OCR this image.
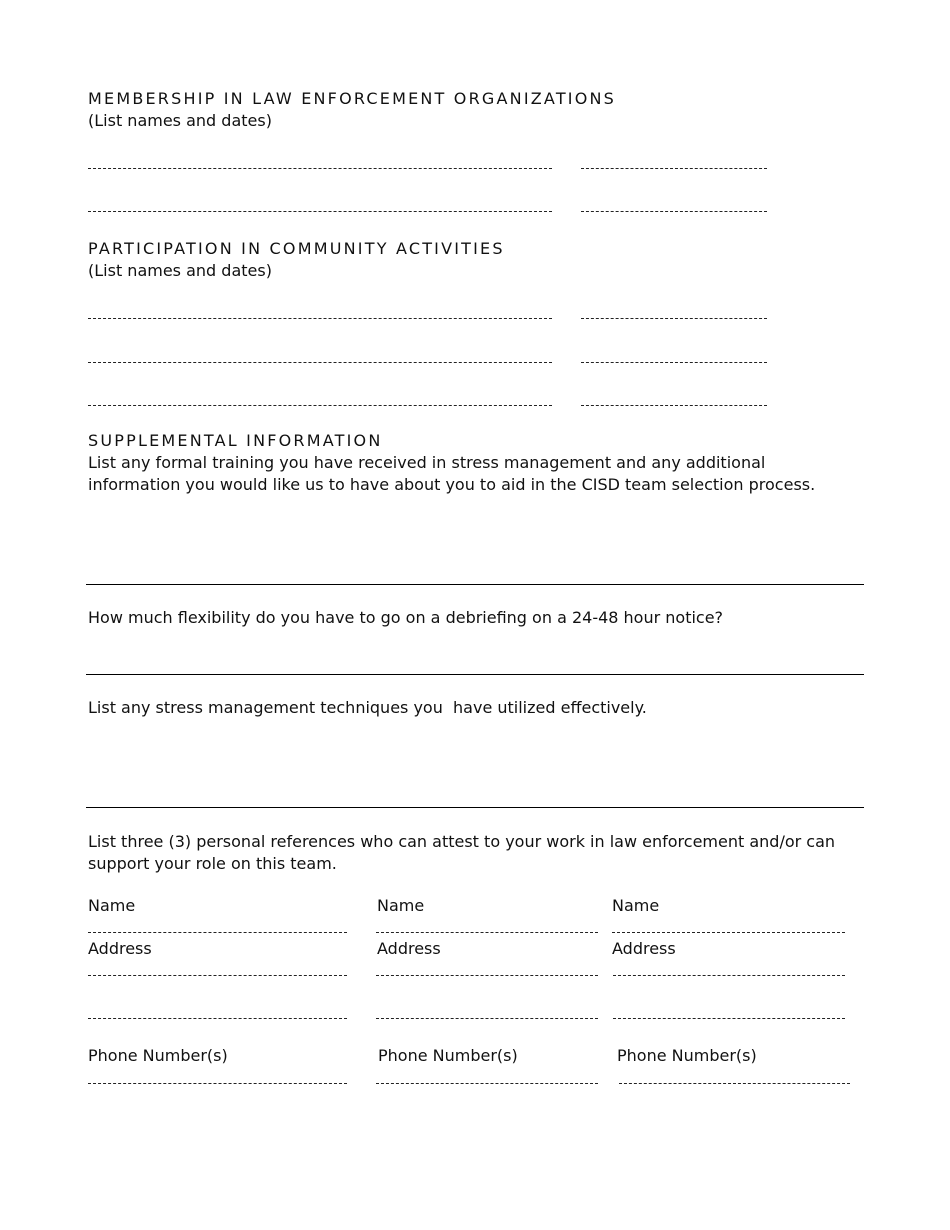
MEMBERSHIP IN LAW ENFORCEMENT ORGANIZATIONS
(List names and dates)
PARTICIPATION IN COMMUNITY ACTIVITIES
(List names and dates)
SUPPLEMENTAL INFORMATION
List any formal training you have received in stress management and any additional information you would like us to have about you to aid in the CISD team selection process.
How much flexibility do you have to go on a debriefing on a 24-48 hour notice?
List any stress management techniques you  have utilized effectively.
List three (3) personal references who can attest to your work in law enforcement and/or can support your role on this team.
Name
Address
Phone Number(s)
Name
Address
Phone Number(s)
Name
Address
Phone Number(s)
